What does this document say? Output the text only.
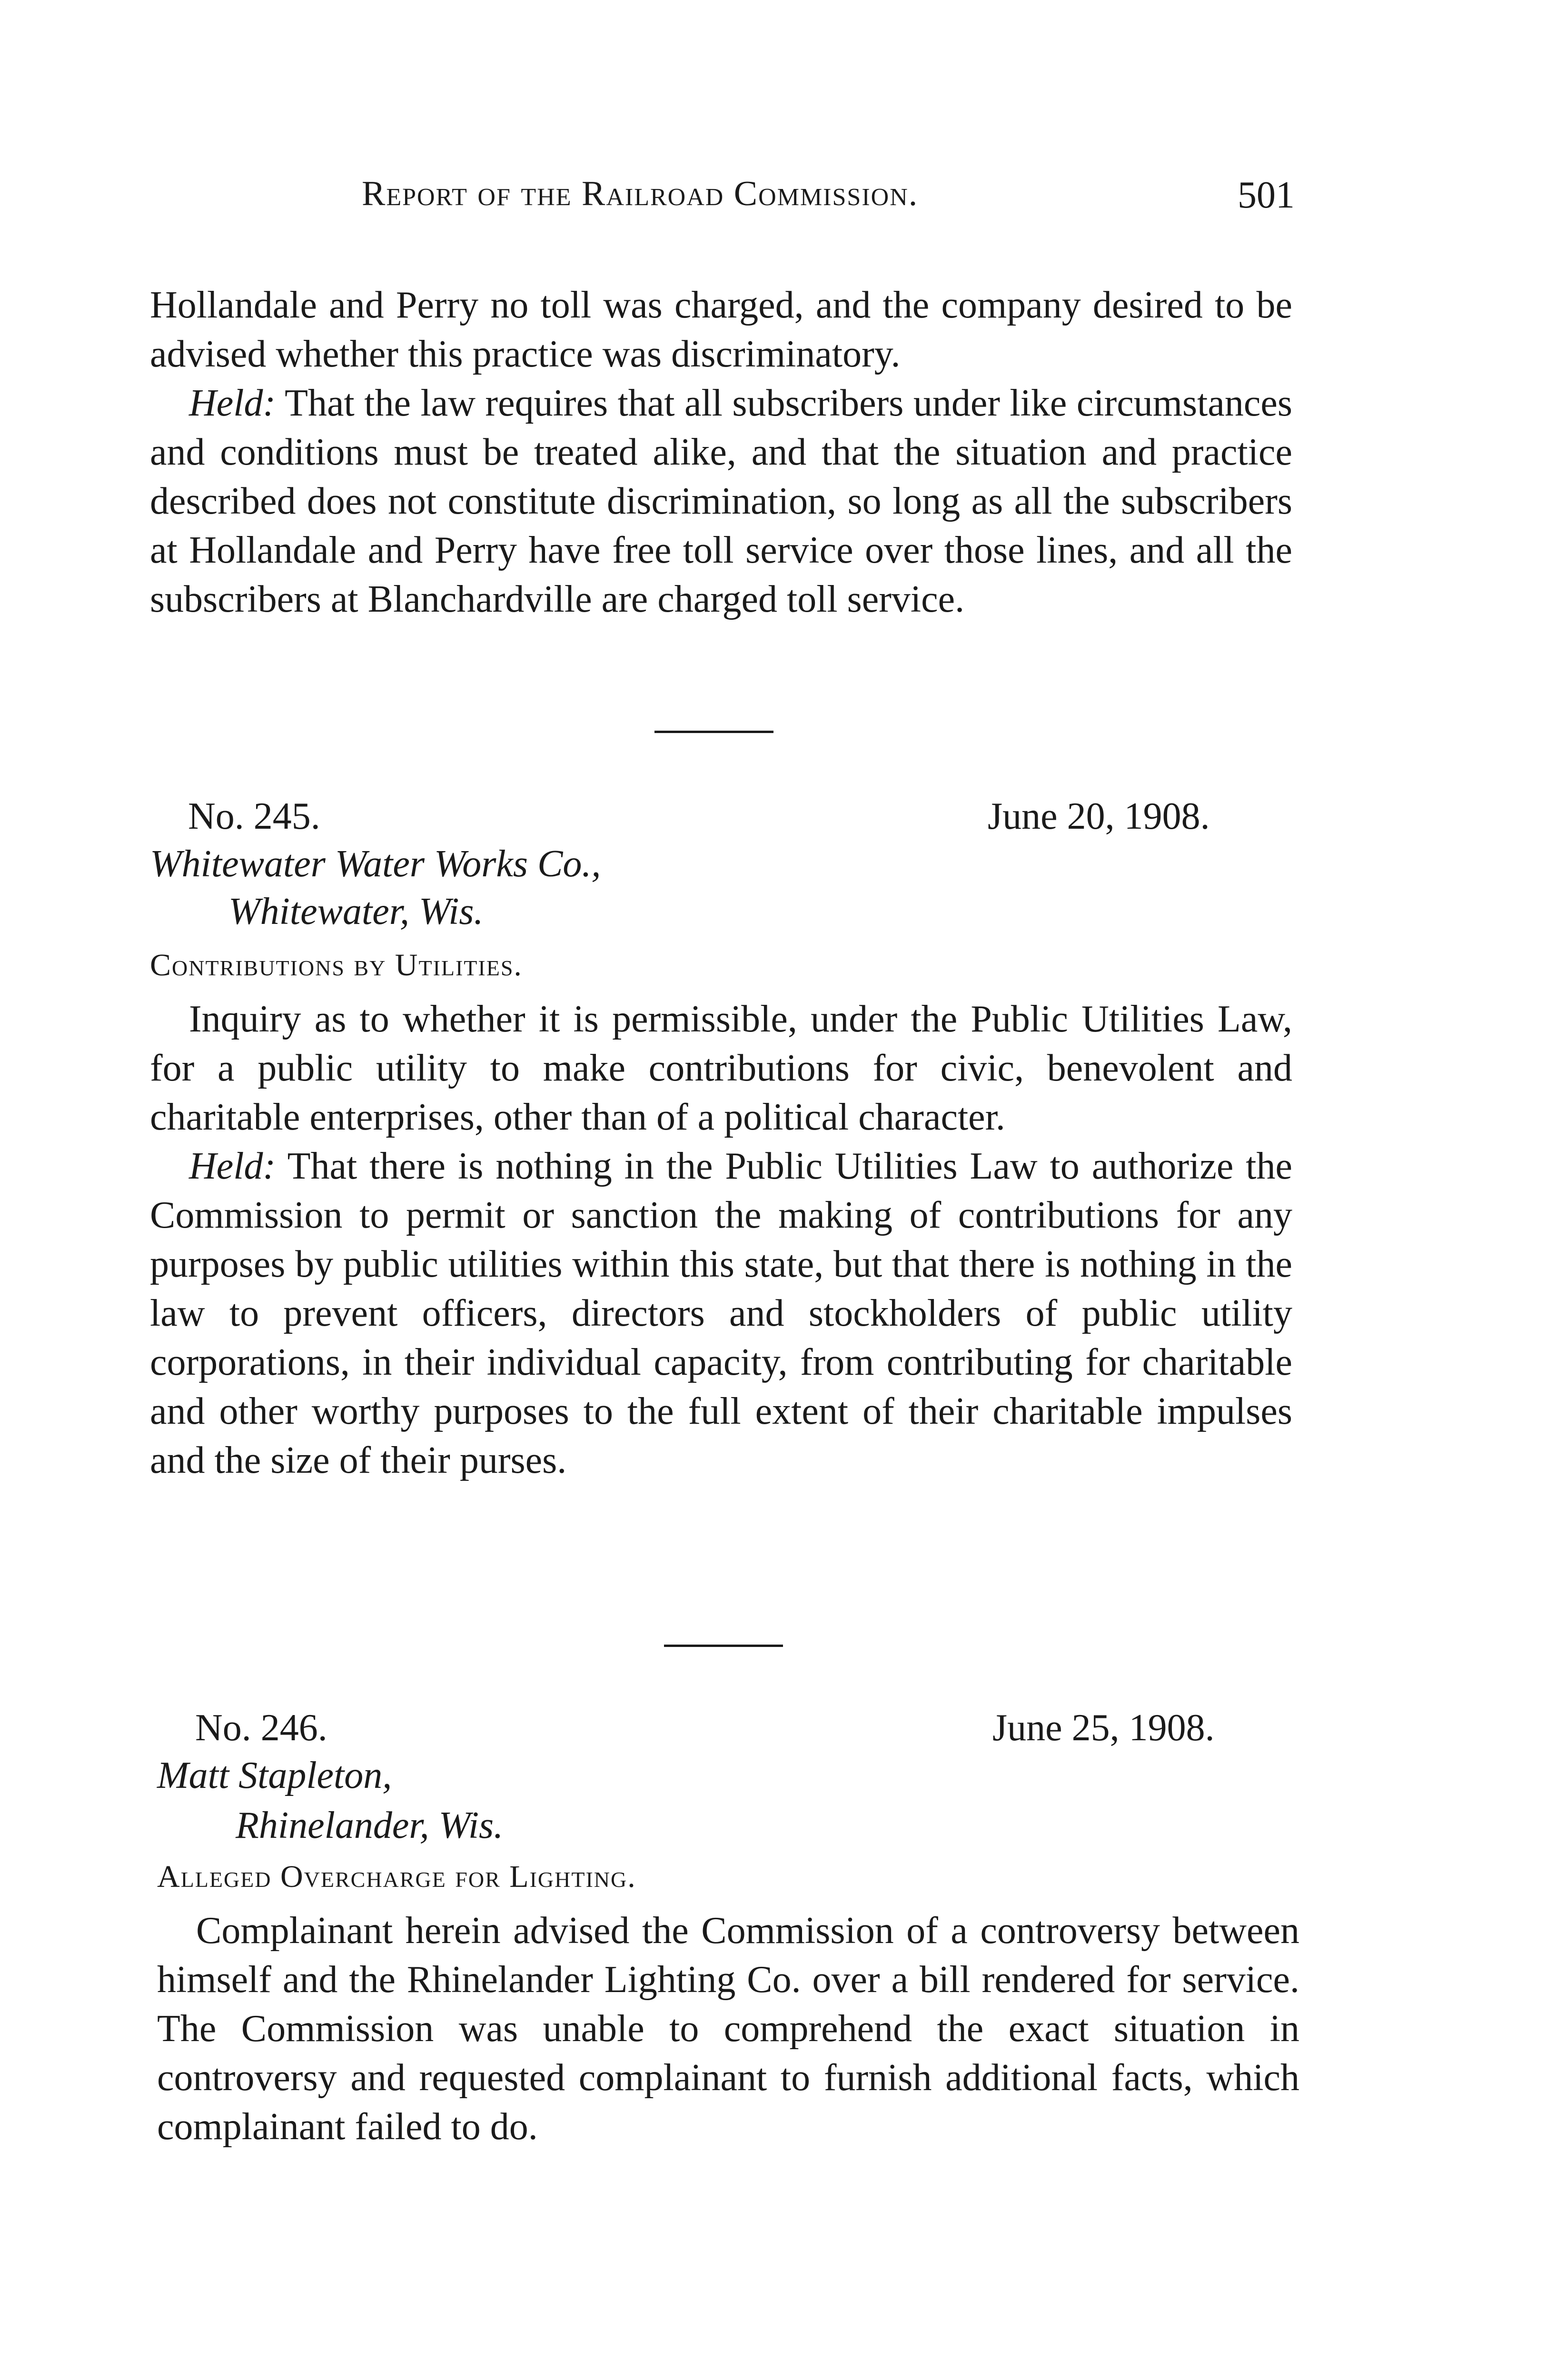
Report of the Railroad Commission.	501

Hollandale and Perry no toll was charged, and the company desired to be advised whether this practice was discriminatory.

Held: That the law requires that all subscribers under like circumstances and conditions must be treated alike, and that the situation and practice described does not constitute discrimination, so long as all the subscribers at Hollandale and Perry have free toll service over those lines, and all the subscribers at Blanchardville are charged toll service.

No. 245.	June 20, 1908.
Whitewater Water Works Co.,
Whitewater, Wis.
Contributions by Utilities.

Inquiry as to whether it is permissible, under the Public Utilities Law, for a public utility to make contributions for civic, benevolent and charitable enterprises, other than of a political character.

Held: That there is nothing in the Public Utilities Law to authorize the Commission to permit or sanction the making of contributions for any purposes by public utilities within this state, but that there is nothing in the law to prevent officers, directors and stockholders of public utility corporations, in their individual capacity, from contributing for charitable and other worthy purposes to the full extent of their charitable impulses and the size of their purses.

No. 246.	June 25, 1908.
Matt Stapleton,
Rhinelander, Wis.
Alleged Overcharge for Lighting.

Complainant herein advised the Commission of a controversy between himself and the Rhinelander Lighting Co. over a bill rendered for service. The Commission was unable to comprehend the exact situation in controversy and requested complainant to furnish additional facts, which complainant failed to do.
